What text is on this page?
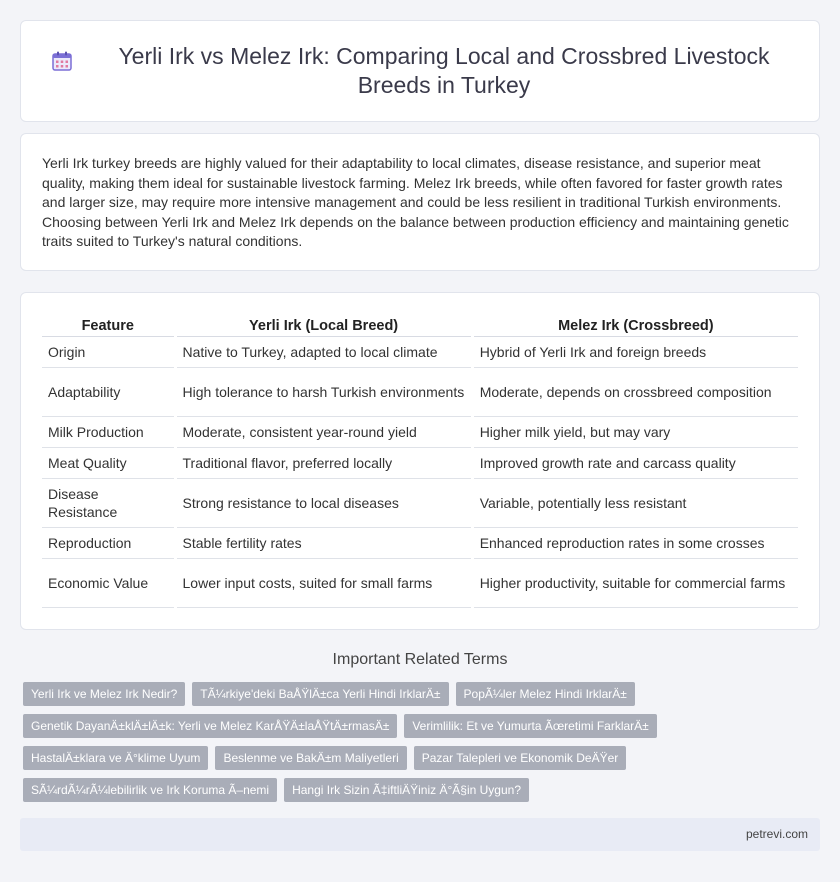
Yerli Irk vs Melez Irk: Comparing Local and Crossbred Livestock Breeds in Turkey

Yerli Irk turkey breeds are highly valued for their adaptability to local climates, disease resistance, and superior meat quality, making them ideal for sustainable livestock farming. Melez Irk breeds, while often favored for faster growth rates and larger size, may require more intensive management and could be less resilient in traditional Turkish environments. Choosing between Yerli Irk and Melez Irk depends on the balance between production efficiency and maintaining genetic traits suited to Turkey's natural conditions.

Feature	Yerli Irk (Local Breed)	Melez Irk (Crossbreed)
Origin	Native to Turkey, adapted to local climate	Hybrid of Yerli Irk and foreign breeds
Adaptability	High tolerance to harsh Turkish environments	Moderate, depends on crossbreed composition
Milk Production	Moderate, consistent year-round yield	Higher milk yield, but may vary
Meat Quality	Traditional flavor, preferred locally	Improved growth rate and carcass quality
Disease Resistance	Strong resistance to local diseases	Variable, potentially less resistant
Reproduction	Stable fertility rates	Enhanced reproduction rates in some crosses
Economic Value	Lower input costs, suited for small farms	Higher productivity, suitable for commercial farms
Important Related Terms
Yerli Irk ve Melez Irk Nedir?	TÃ¼rkiye'deki BaÅŸlÄ±ca Yerli Hindi IrklarÄ±	PopÃ¼ler Melez Hindi IrklarÄ±
Genetik DayanÄ±klÄ±lÄ±k: Yerli ve Melez KarÅŸÄ±laÅŸtÄ±rmasÄ±	Verimlilik: Et ve Yumurta Ãœretimi FarklarÄ±
HastalÄ±klara ve Ä°klime Uyum	Beslenme ve BakÄ±m Maliyetleri	Pazar Talepleri ve Ekonomik DeÄŸer
SÃ¼rdÃ¼rÃ¼lebilirlik ve Irk Koruma Ã–nemi	Hangi Irk Sizin Ã‡iftliÄŸiniz Ä°Ã§in Uygun?
petrevi.com
